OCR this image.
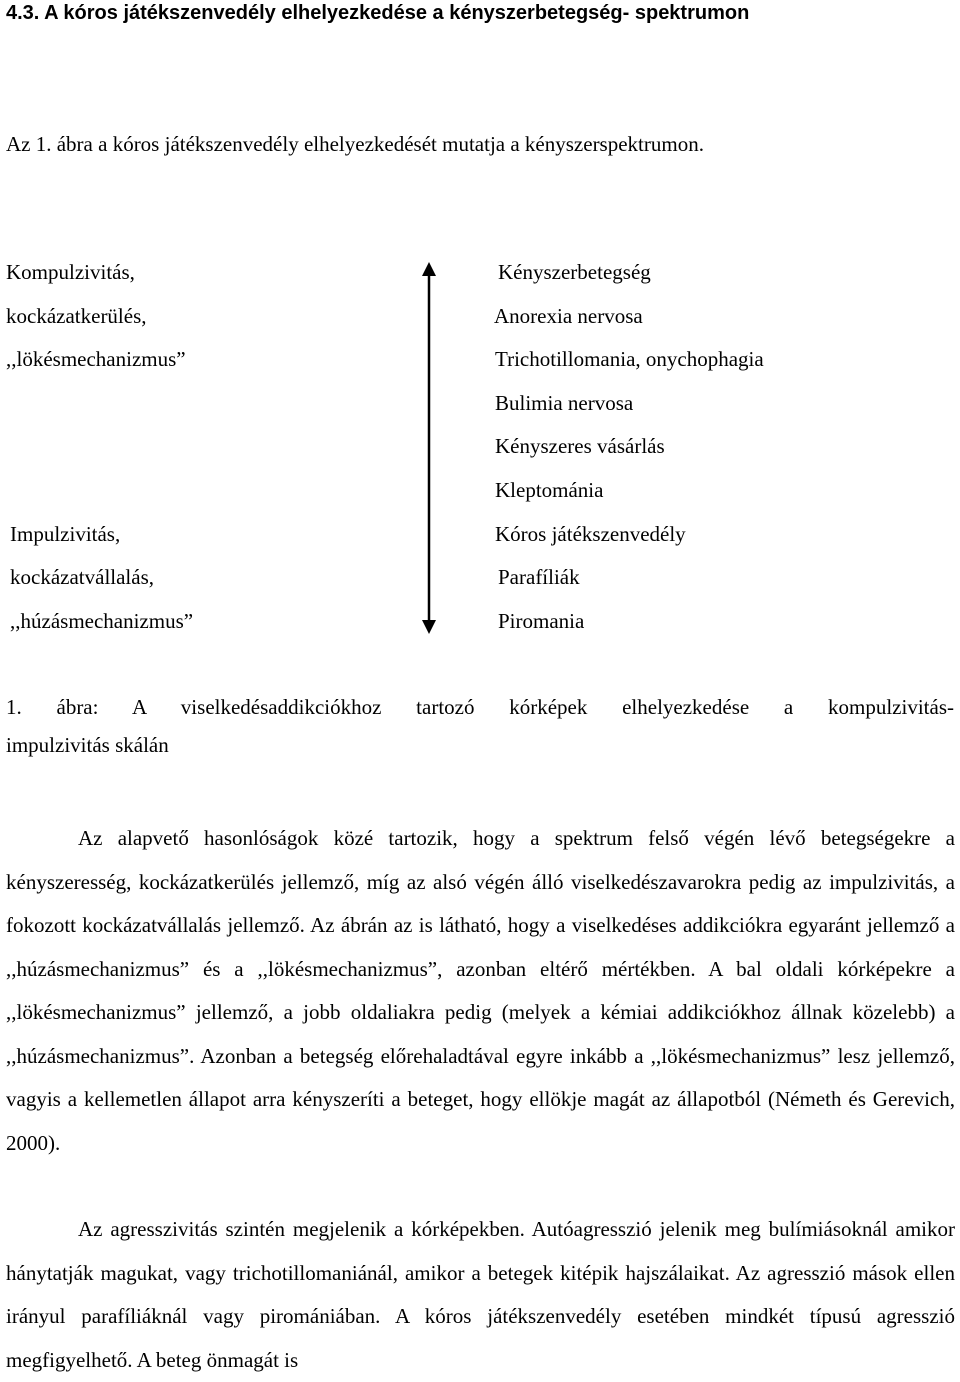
4.3. A kóros játékszenvedély elhelyezkedése a kényszerbetegség- spektrumon
Az 1. ábra a kóros játékszenvedély elhelyezkedését mutatja a kényszerspektrumon.
Kompulzivitás,
kockázatkerülés,
,,lökésmechanizmus”
Impulzivitás,
kockázatvállalás,
,,húzásmechanizmus”
Kényszerbetegség
Anorexia nervosa
Trichotillomania, onychophagia
Bulimia nervosa
Kényszeres vásárlás
Kleptománia
Kóros játékszenvedély
Parafíliák
Piromania
1. ábra: A viselkedésaddikciókhoz tartozó kórképek elhelyezkedése a kompulzivitás-
impulzivitás skálán

Az alapvető hasonlóságok közé tartozik, hogy a spektrum felső végén lévő betegségekre a kényszeresség, kockázatkerülés jellemző, míg az alsó végén álló viselkedészavarokra pedig az impulzivitás, a fokozott kockázatvállalás jellemző. Az ábrán az is látható, hogy a viselkedéses addikciókra egyaránt jellemző a ,,húzásmechanizmus” és a ,,lökésmechanizmus”, azonban eltérő mértékben. A bal oldali kórképekre a ,,lökésmechanizmus” jellemző, a jobb oldaliakra pedig (melyek a kémiai addikciókhoz állnak közelebb) a ,,húzásmechanizmus”. Azonban a betegség előrehaladtával egyre inkább a ,,lökésmechanizmus” lesz jellemző, vagyis a kellemetlen állapot arra kényszeríti a beteget, hogy ellökje magát az állapotból (Németh és Gerevich, 2000).

Az agresszivitás szintén megjelenik a kórképekben. Autóagresszió jelenik meg bulímiásoknál amikor hánytatják magukat, vagy trichotillomaniánál, amikor a betegek kitépik hajszálaikat. Az agresszió mások ellen irányul parafíliáknál vagy piromániában. A kóros játékszenvedély esetében mindkét típusú agresszió megfigyelhető. A beteg önmagát is
